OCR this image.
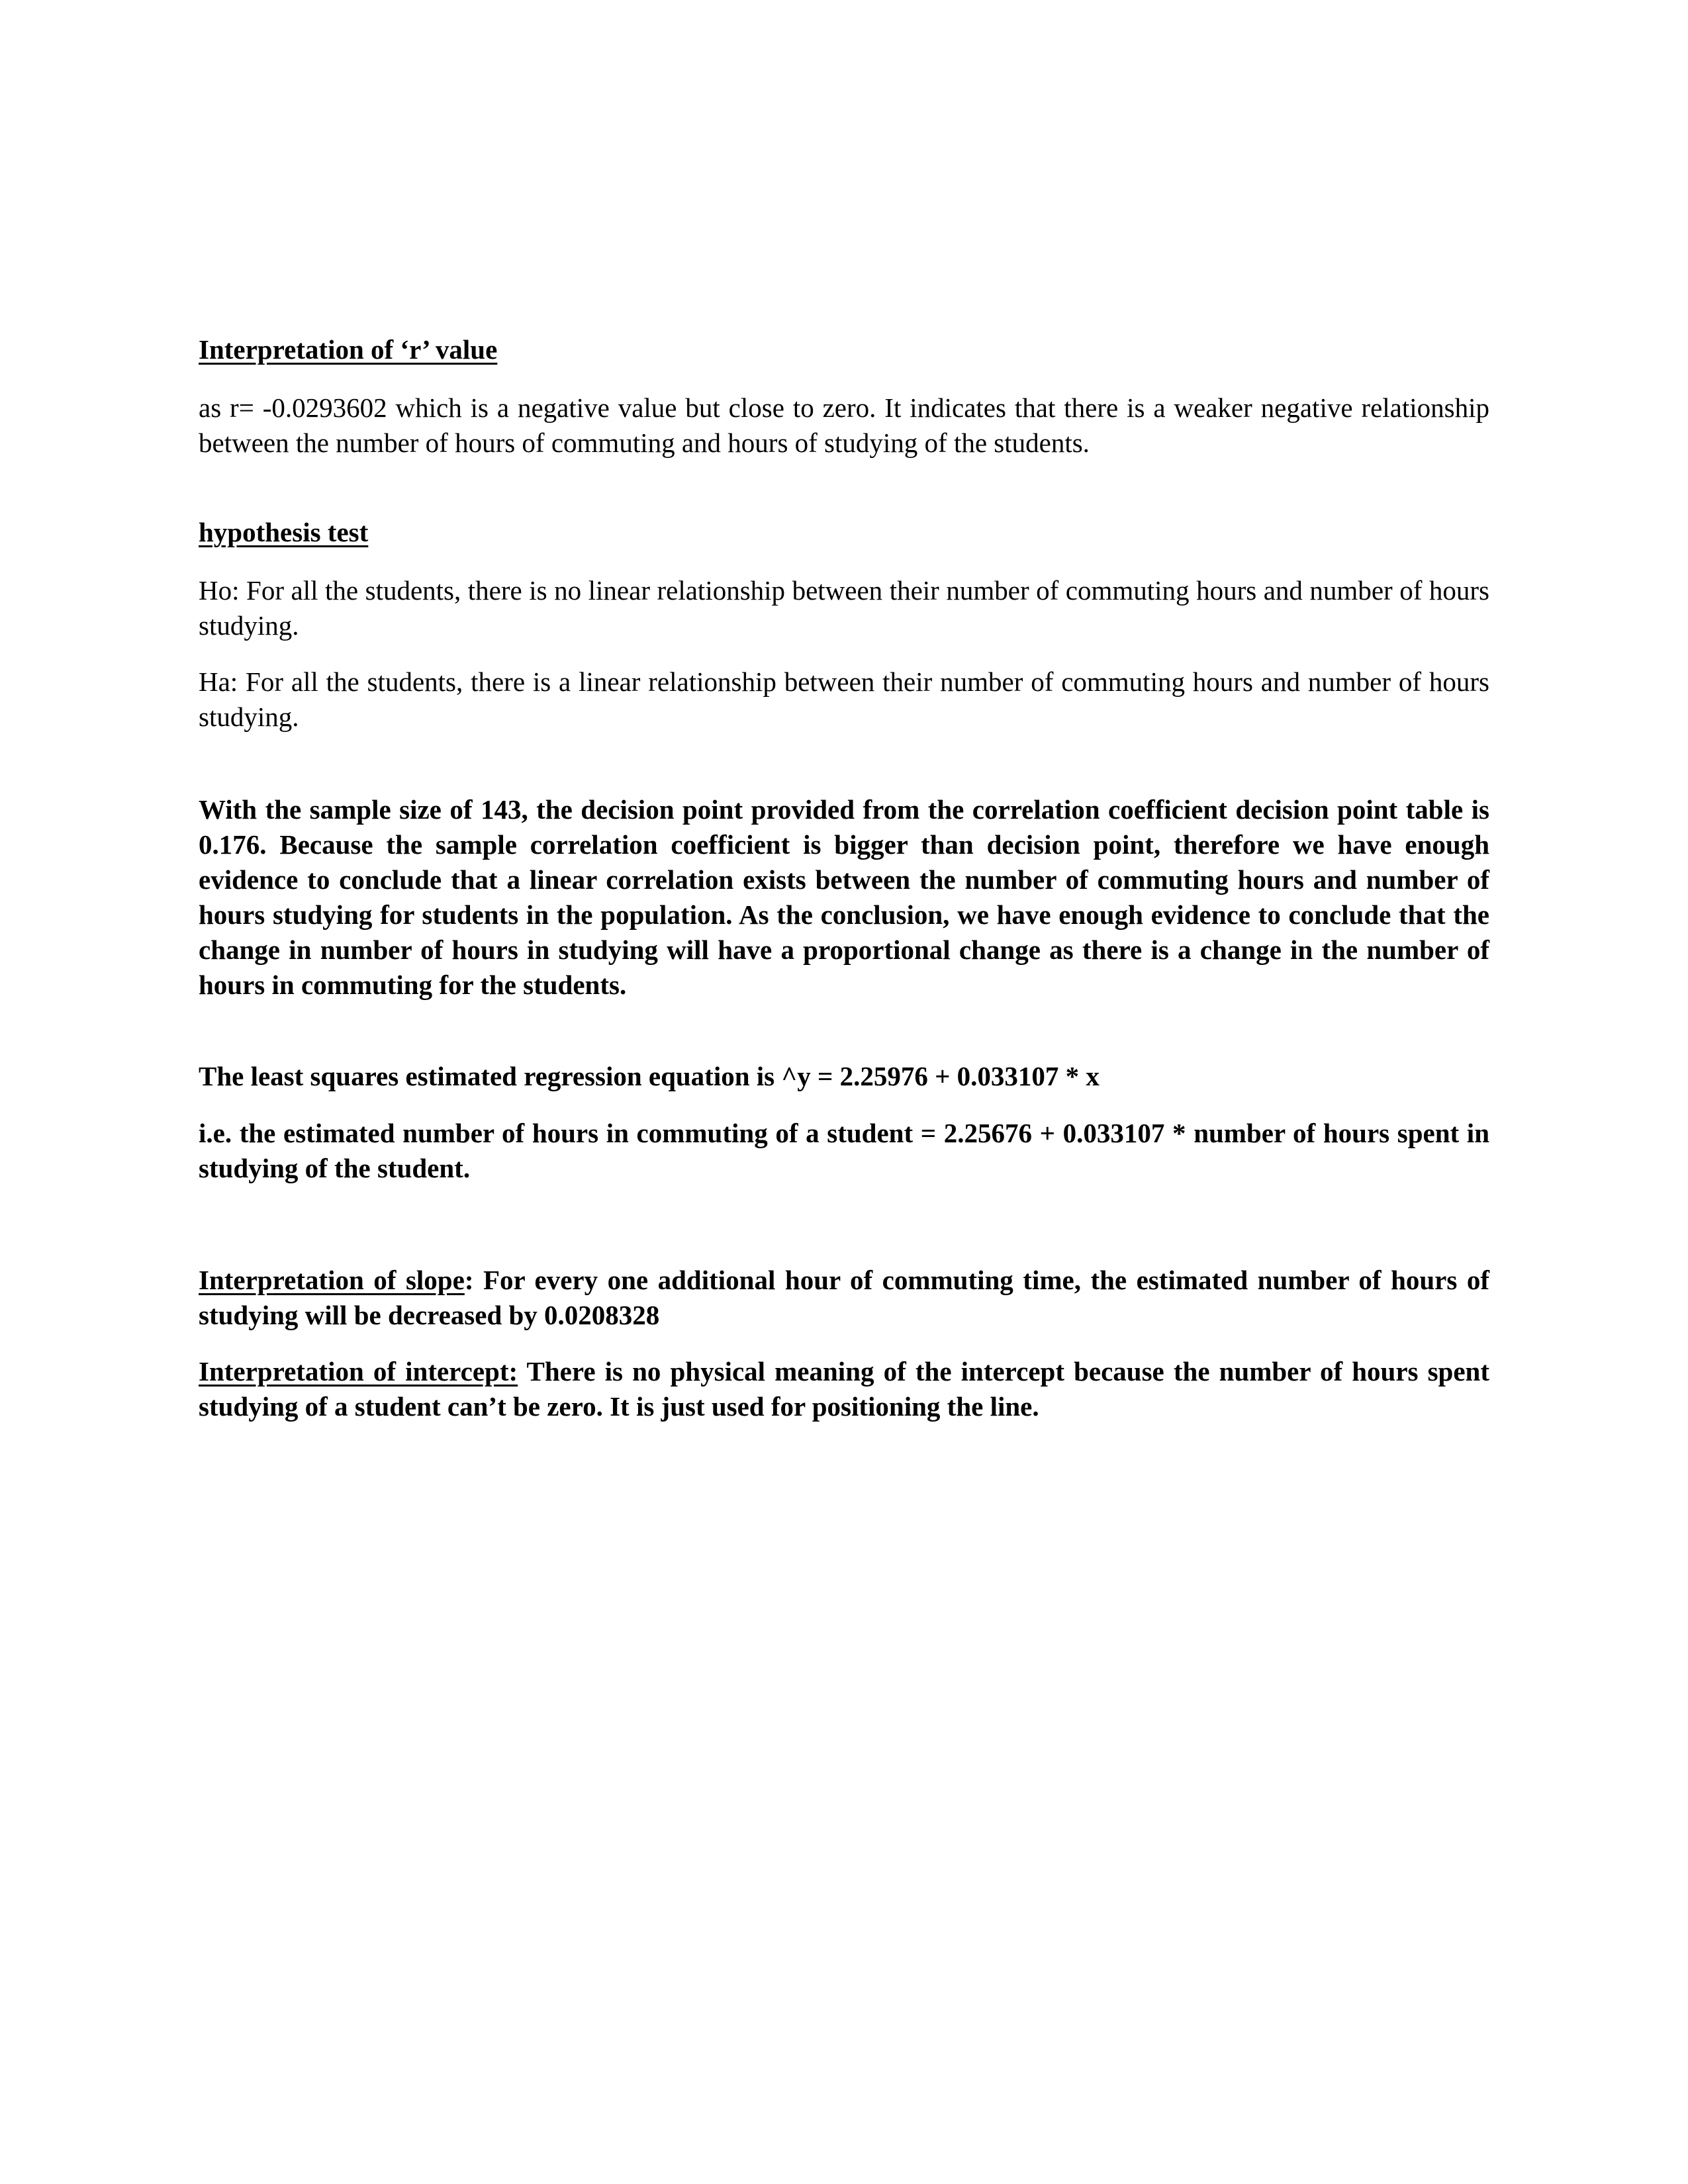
Interpretation of ‘r’ value

as r= -0.0293602 which is a negative value but close to zero. It indicates that there is a weaker negative relationship between the number of hours of commuting and hours of studying of the students.

hypothesis test

Ho: For all the students, there is no linear relationship between their number of commuting hours and number of hours studying.

Ha: For all the students, there is a linear relationship between their number of commuting hours and number of hours studying.

With the sample size of 143, the decision point provided from the correlation coefficient decision point table is 0.176. Because the sample correlation coefficient is bigger than decision point, therefore we have enough evidence to conclude that a linear correlation exists between the number of commuting hours and number of hours studying for students in the population. As the conclusion, we have enough evidence to conclude that the change in number of hours in studying will have a proportional change as there is a change in the number of hours in commuting for the students.

The least squares estimated regression equation is ^y = 2.25976 + 0.033107 * x

i.e. the estimated number of hours in commuting of a student = 2.25676 + 0.033107 * number of hours spent in studying of the student.

Interpretation of slope: For every one additional hour of commuting time, the estimated number of hours of studying will be decreased by 0.0208328

Interpretation of intercept: There is no physical meaning of the intercept because the number of hours spent studying of a student can’t be zero. It is just used for positioning the line.
